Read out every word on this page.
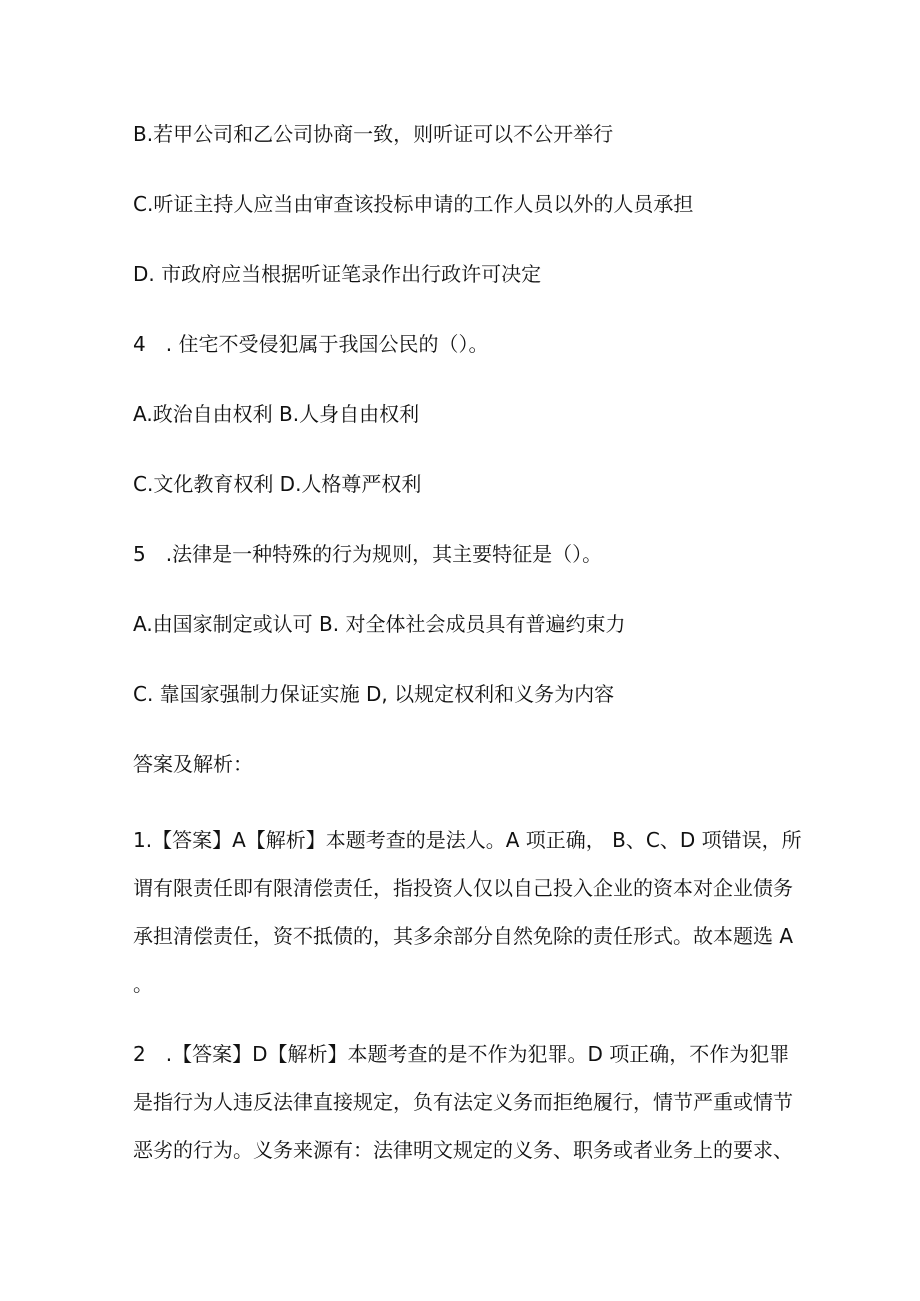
B.若甲公司和乙公司协商一致，则听证可以不公开举行
C.听证主持人应当由审查该投标申请的工作人员以外的人员承担
D. 市政府应当根据听证笔录作出行政许可决定
4　. 住宅不受侵犯属于我国公民的（）。
A.政治自由权利 B.人身自由权利
C.文化教育权利 D.人格尊严权利
5　.法律是一种特殊的行为规则，其主要特征是（）。
A.由国家制定或认可 B. 对全体社会成员具有普遍约束力
C. 靠国家强制力保证实施 D, 以规定权利和义务为内容
答案及解析：
1.【答案】A【解析】本题考查的是法人。A 项正确， B、C、D 项错误，所
谓有限责任即有限清偿责任，指投资人仅以自己投入企业的资本对企业债务
承担清偿责任，资不抵债的，其多余部分自然免除的责任形式。故本题选 A
。
2　.【答案】D【解析】本题考查的是不作为犯罪。D 项正确，不作为犯罪
是指行为人违反法律直接规定，负有法定义务而拒绝履行，情节严重或情节
恶劣的行为。义务来源有：法律明文规定的义务、职务或者业务上的要求、
